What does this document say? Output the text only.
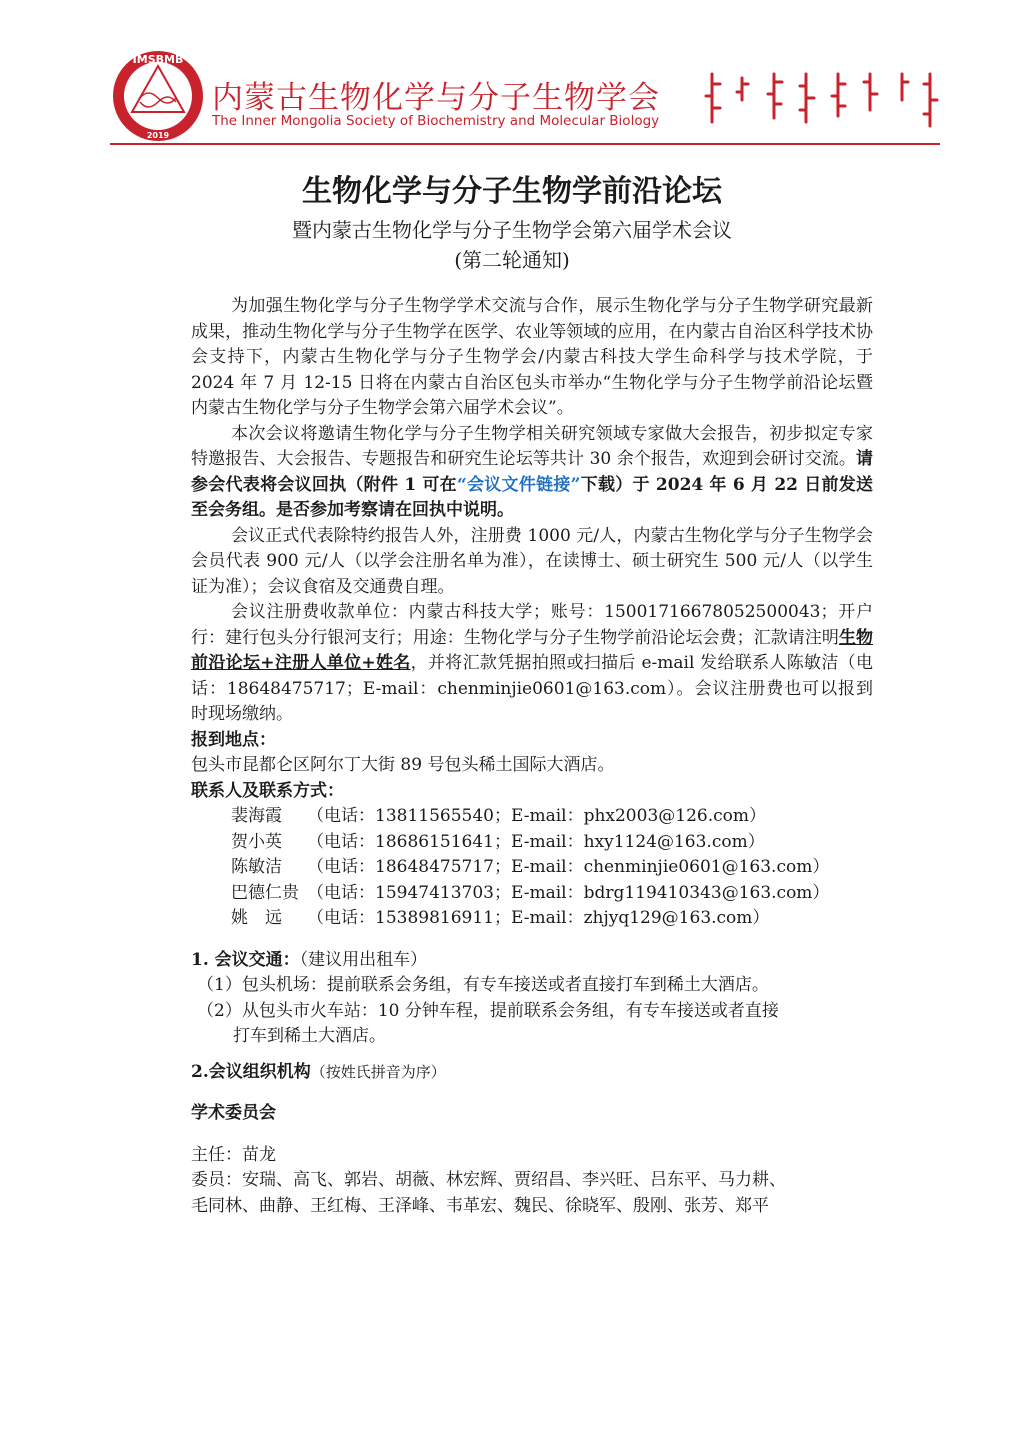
IMSBMB
2019
内蒙古生物化学与分子生物学会
The Inner Mongolia Society of Biochemistry and Molecular Biology
生物化学与分子生物学前沿论坛
暨内蒙古生物化学与分子生物学会第六届学术会议
(第二轮通知)

为加强生物化学与分子生物学学术交流与合作，展示生物化学与分子生物学研究最新成果，推动生物化学与分子生物学在医学、农业等领域的应用，在内蒙古自治区科学技术协会支持下，内蒙古生物化学与分子生物学会/内蒙古科技大学生命科学与技术学院，于 2024 年 7 月 12-15 日将在内蒙古自治区包头市举办“生物化学与分子生物学前沿论坛暨内蒙古生物化学与分子生物学会第六届学术会议”。

本次会议将邀请生物化学与分子生物学相关研究领域专家做大会报告，初步拟定专家特邀报告、大会报告、专题报告和研究生论坛等共计 30 余个报告，欢迎到会研讨交流。请参会代表将会议回执（附件 1 可在“会议文件链接”下载）于 2024 年 6 月 22 日前发送至会务组。是否参加考察请在回执中说明。

会议正式代表除特约报告人外，注册费 1000 元/人，内蒙古生物化学与分子生物学会会员代表 900 元/人（以学会注册名单为准），在读博士、硕士研究生 500 元/人（以学生证为准）；会议食宿及交通费自理。

会议注册费收款单位：内蒙古科技大学；账号：15001716678052500043；开户行：建行包头分行银河支行；用途：生物化学与分子生物学前沿论坛会费；汇款请注明生物前沿论坛+注册人单位+姓名，并将汇款凭据拍照或扫描后 e-mail 发给联系人陈敏洁（电话：18648475717；E-mail：chenminjie0601@163.com）。会议注册费也可以报到时现场缴纳。

报到地点：

包头市昆都仑区阿尔丁大街 89 号包头稀土国际大酒店。

联系人及联系方式：

裴海霞	（电话：13811565540；E-mail：phx2003@126.com）
贺小英	（电话：18686151641；E-mail：hxy1124@163.com）
陈敏洁	（电话：18648475717；E-mail：chenminjie0601@163.com）
巴德仁贵 （电话：15947413703；E-mail：bdrg119410343@163.com）
姚　远	（电话：15389816911；E-mail：zhjyq129@163.com）

1. 会议交通：（建议用出租车）

（1）包头机场：提前联系会务组，有专车接送或者直接打车到稀土大酒店。

（2）从包头市火车站：10 分钟车程，提前联系会务组，有专车接送或者直接

打车到稀土大酒店。

2.会议组织机构（按姓氏拼音为序）

学术委员会

主任：苗龙

委员：安瑞、高飞、郭岩、胡薇、林宏辉、贾绍昌、李兴旺、吕东平、马力耕、

毛同林、曲静、王红梅、王泽峰、韦革宏、魏民、徐晓军、殷刚、张芳、郑平
